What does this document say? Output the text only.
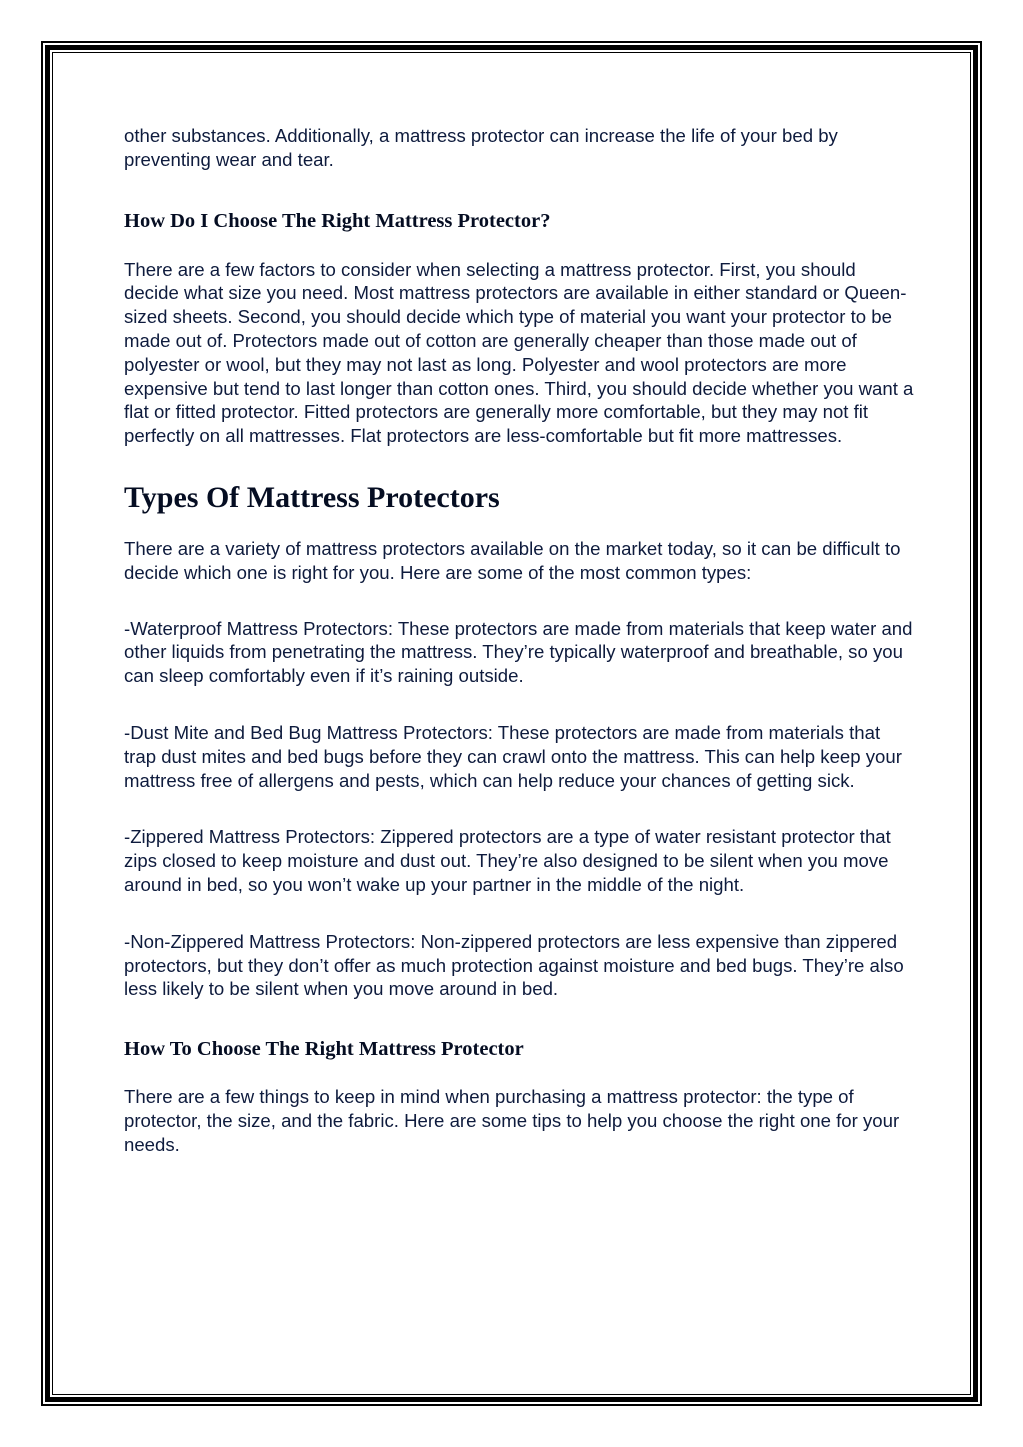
other substances. Additionally, a mattress protector can increase the life of your bed by preventing wear and tear.

How Do I Choose The Right Mattress Protector?

There are a few factors to consider when selecting a mattress protector. First, you should decide what size you need. Most mattress protectors are available in either standard or Queen-sized sheets. Second, you should decide which type of material you want your protector to be made out of. Protectors made out of cotton are generally cheaper than those made out of polyester or wool, but they may not last as long. Polyester and wool protectors are more expensive but tend to last longer than cotton ones. Third, you should decide whether you want a flat or fitted protector. Fitted protectors are generally more comfortable, but they may not fit perfectly on all mattresses. Flat protectors are less-comfortable but fit more mattresses.

Types Of Mattress Protectors

There are a variety of mattress protectors available on the market today, so it can be difficult to decide which one is right for you. Here are some of the most common types:

-Waterproof Mattress Protectors: These protectors are made from materials that keep water and other liquids from penetrating the mattress. They’re typically waterproof and breathable, so you can sleep comfortably even if it’s raining outside.

-Dust Mite and Bed Bug Mattress Protectors: These protectors are made from materials that trap dust mites and bed bugs before they can crawl onto the mattress. This can help keep your mattress free of allergens and pests, which can help reduce your chances of getting sick.

-Zippered Mattress Protectors: Zippered protectors are a type of water resistant protector that zips closed to keep moisture and dust out. They’re also designed to be silent when you move around in bed, so you won’t wake up your partner in the middle of the night.

-Non-Zippered Mattress Protectors: Non-zippered protectors are less expensive than zippered protectors, but they don’t offer as much protection against moisture and bed bugs. They’re also less likely to be silent when you move around in bed.

How To Choose The Right Mattress Protector

There are a few things to keep in mind when purchasing a mattress protector: the type of protector, the size, and the fabric. Here are some tips to help you choose the right one for your needs.
